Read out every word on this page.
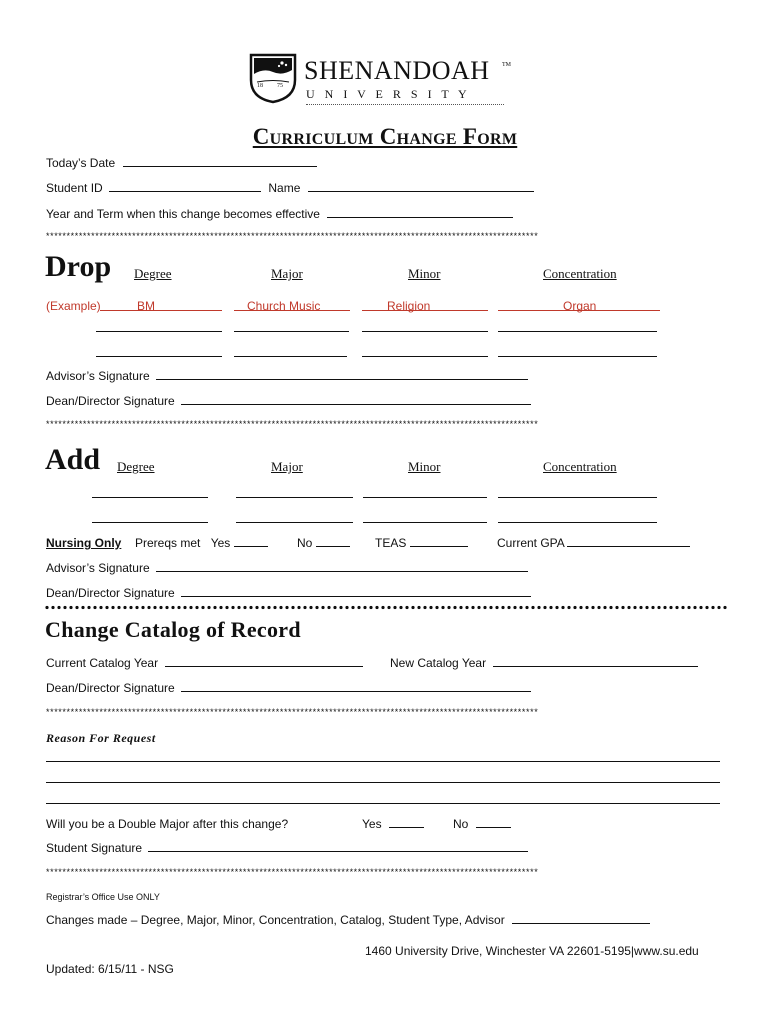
18 75
SHENANDOAH TM
U N I V E R S I T Y
Curriculum Change Form
Today’s Date
Student ID	Name
Year and Term when this change becomes effective
************************************************************************************************************************
Drop Degree	Major	Minor	Concentration
(Example)	BM	Church Music	Religion	Organ
Advisor’s Signature
Dean/Director Signature
************************************************************************************************************************
Add Degree	Major	Minor	Concentration
Nursing Only Prereqs met Yes	No	TEAS	Current GPA
Advisor’s Signature
Dean/Director Signature
Change Catalog of Record
Current Catalog Year	New Catalog Year
Dean/Director Signature
************************************************************************************************************************
Reason For Request
Will you be a Double Major after this change?	Yes	No
Student Signature
************************************************************************************************************************
Registrar’s Office Use ONLY
Changes made – Degree, Major, Minor, Concentration, Catalog, Student Type, Advisor
1460 University Drive, Winchester VA 22601-5195|www.su.edu
Updated: 6/15/11 - NSG
